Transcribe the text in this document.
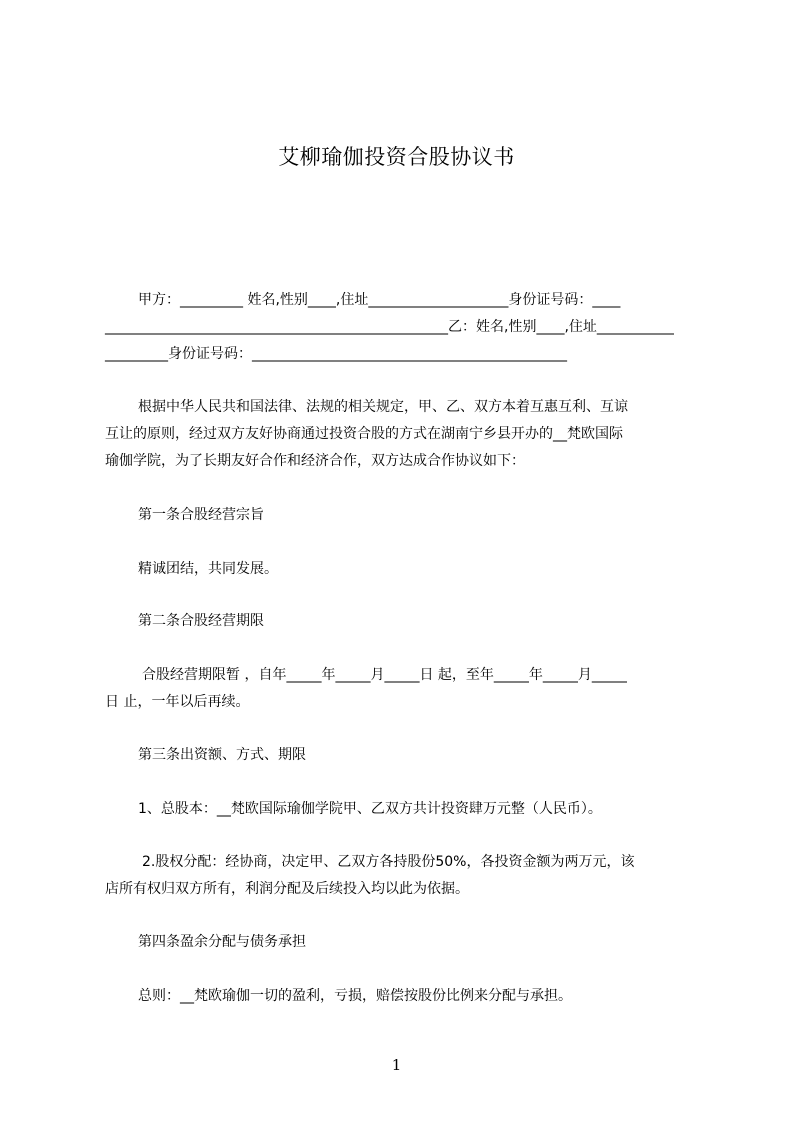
艾柳瑜伽投资合股协议书
甲方：_________ 姓名,性别____,住址____________________身份证号码：____
_________________________________________________乙：姓名,性别____,住址___________
_________身份证号码：_____________________________________________
根据中华人民共和国法律、法规的相关规定，甲、乙、双方本着互惠互利、互谅
互让的原则，经过双方友好协商通过投资合股的方式在湖南宁乡县开办的__梵欧国际
瑜伽学院，为了长期友好合作和经济合作，双方达成合作协议如下：
第一条合股经营宗旨
精诚团结，共同发展。
第二条合股经营期限
合股经营期限暂 ，自年_____年_____月_____日 起，至年_____年_____月_____
日 止，一年以后再续。
第三条出资额、方式、期限
1、总股本：__梵欧国际瑜伽学院甲、乙双方共计投资肆万元整（人民币）。
2.股权分配：经协商，决定甲、乙双方各持股份50%，各投资金额为两万元，该
店所有权归双方所有，利润分配及后续投入均以此为依据。
第四条盈余分配与债务承担
总则：__梵欧瑜伽一切的盈利，亏损，赔偿按股份比例来分配与承担。
1
